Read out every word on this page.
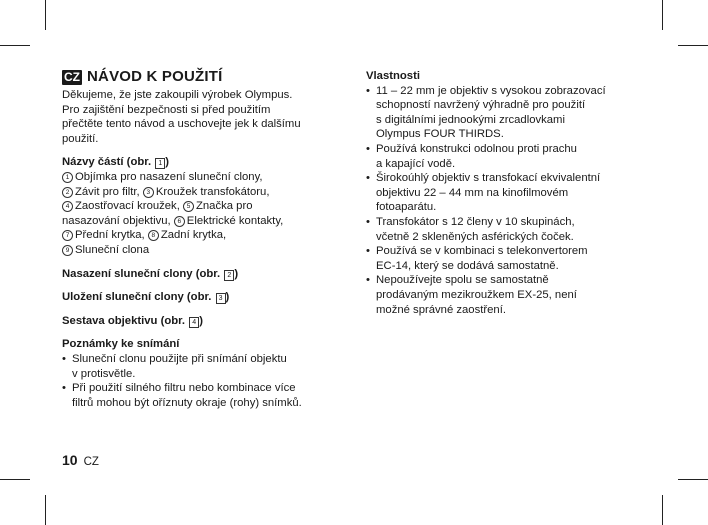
CZ NÁVOD K POUŽITÍ

Děkujeme, že jste zakoupili výrobek Olympus.

Pro zajištění bezpečnosti si před použitím

přečtěte tento návod a uschovejte jek k dalšímu

použití.

Názvy částí (obr. 1 )

1 Objímka pro nasazení sluneční clony,

2 Závit pro filtr, 3 Kroužek transfokátoru,

4 Zaostřovací kroužek, 5 Značka pro

nasazování objektivu, 6 Elektrické kontakty,

7 Přední krytka, 8 Zadní krytka,

9 Sluneční clona

Nasazení sluneční clony (obr. 2 )

Uložení sluneční clony (obr. 3 )

Sestava objektivu (obr. 4 )

Poznámky ke snímání

• Sluneční clonu použijte při snímání objektu
v protisvětle.
• Při použití silného filtru nebo kombinace více
filtrů mohou být oříznuty okraje (rohy) snímků.

Vlastnosti

• 11 – 22 mm je objektiv s vysokou zobrazovací
schopností navržený výhradně pro použití
s digitálními jednookými zrcadlovkami
Olympus FOUR THIRDS.
• Používá konstrukci odolnou proti prachu
a kapající vodě.
• Širokoúhlý objektiv s transfokací ekvivalentní
objektivu 22 – 44 mm na kinofilmovém
fotoaparátu.
• Transfokátor s 12 členy v 10 skupinách,
včetně 2 skleněných asférických čoček.
• Používá se v kombinaci s telekonvertorem
EC-14, který se dodává samostatně.
• Nepoužívejte spolu se samostatně
prodávaným mezikroužkem EX-25, není
možné správné zaostření.
10 CZ
